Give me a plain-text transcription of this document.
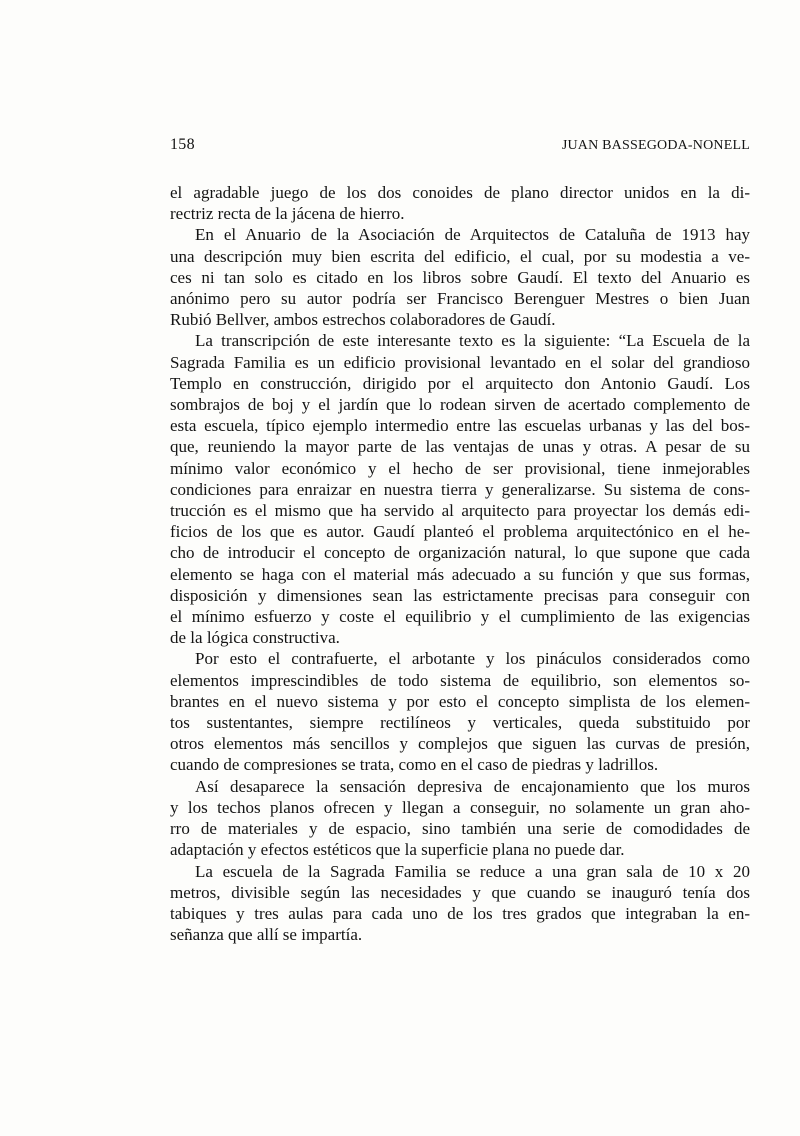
158	JUAN BASSEGODA-NONELL

el agradable juego de los dos conoides de plano director unidos en la di-
rectriz recta de la jácena de hierro.

En el Anuario de la Asociación de Arquitectos de Cataluña de 1913 hay
una descripción muy bien escrita del edificio, el cual, por su modestia a ve-
ces ni tan solo es citado en los libros sobre Gaudí. El texto del Anuario es
anónimo pero su autor podría ser Francisco Berenguer Mestres o bien Juan
Rubió Bellver, ambos estrechos colaboradores de Gaudí.

La transcripción de este interesante texto es la siguiente: “La Escuela de la
Sagrada Familia es un edificio provisional levantado en el solar del grandioso
Templo en construcción, dirigido por el arquitecto don Antonio Gaudí. Los
sombrajos de boj y el jardín que lo rodean sirven de acertado complemento de
esta escuela, típico ejemplo intermedio entre las escuelas urbanas y las del bos-
que, reuniendo la mayor parte de las ventajas de unas y otras. A pesar de su
mínimo valor económico y el hecho de ser provisional, tiene inmejorables
condiciones para enraizar en nuestra tierra y generalizarse. Su sistema de cons-
trucción es el mismo que ha servido al arquitecto para proyectar los demás edi-
ficios de los que es autor. Gaudí planteó el problema arquitectónico en el he-
cho de introducir el concepto de organización natural, lo que supone que cada
elemento se haga con el material más adecuado a su función y que sus formas,
disposición y dimensiones sean las estrictamente precisas para conseguir con
el mínimo esfuerzo y coste el equilibrio y el cumplimiento de las exigencias
de la lógica constructiva.

Por esto el contrafuerte, el arbotante y los pináculos considerados como
elementos imprescindibles de todo sistema de equilibrio, son elementos so-
brantes en el nuevo sistema y por esto el concepto simplista de los elemen-
tos sustentantes, siempre rectilíneos y verticales, queda substituido por
otros elementos más sencillos y complejos que siguen las curvas de presión,
cuando de compresiones se trata, como en el caso de piedras y ladrillos.

Así desaparece la sensación depresiva de encajonamiento que los muros
y los techos planos ofrecen y llegan a conseguir, no solamente un gran aho-
rro de materiales y de espacio, sino también una serie de comodidades de
adaptación y efectos estéticos que la superficie plana no puede dar.

La escuela de la Sagrada Familia se reduce a una gran sala de 10 x 20
metros, divisible según las necesidades y que cuando se inauguró tenía dos
tabiques y tres aulas para cada uno de los tres grados que integraban la en-
señanza que allí se impartía.
